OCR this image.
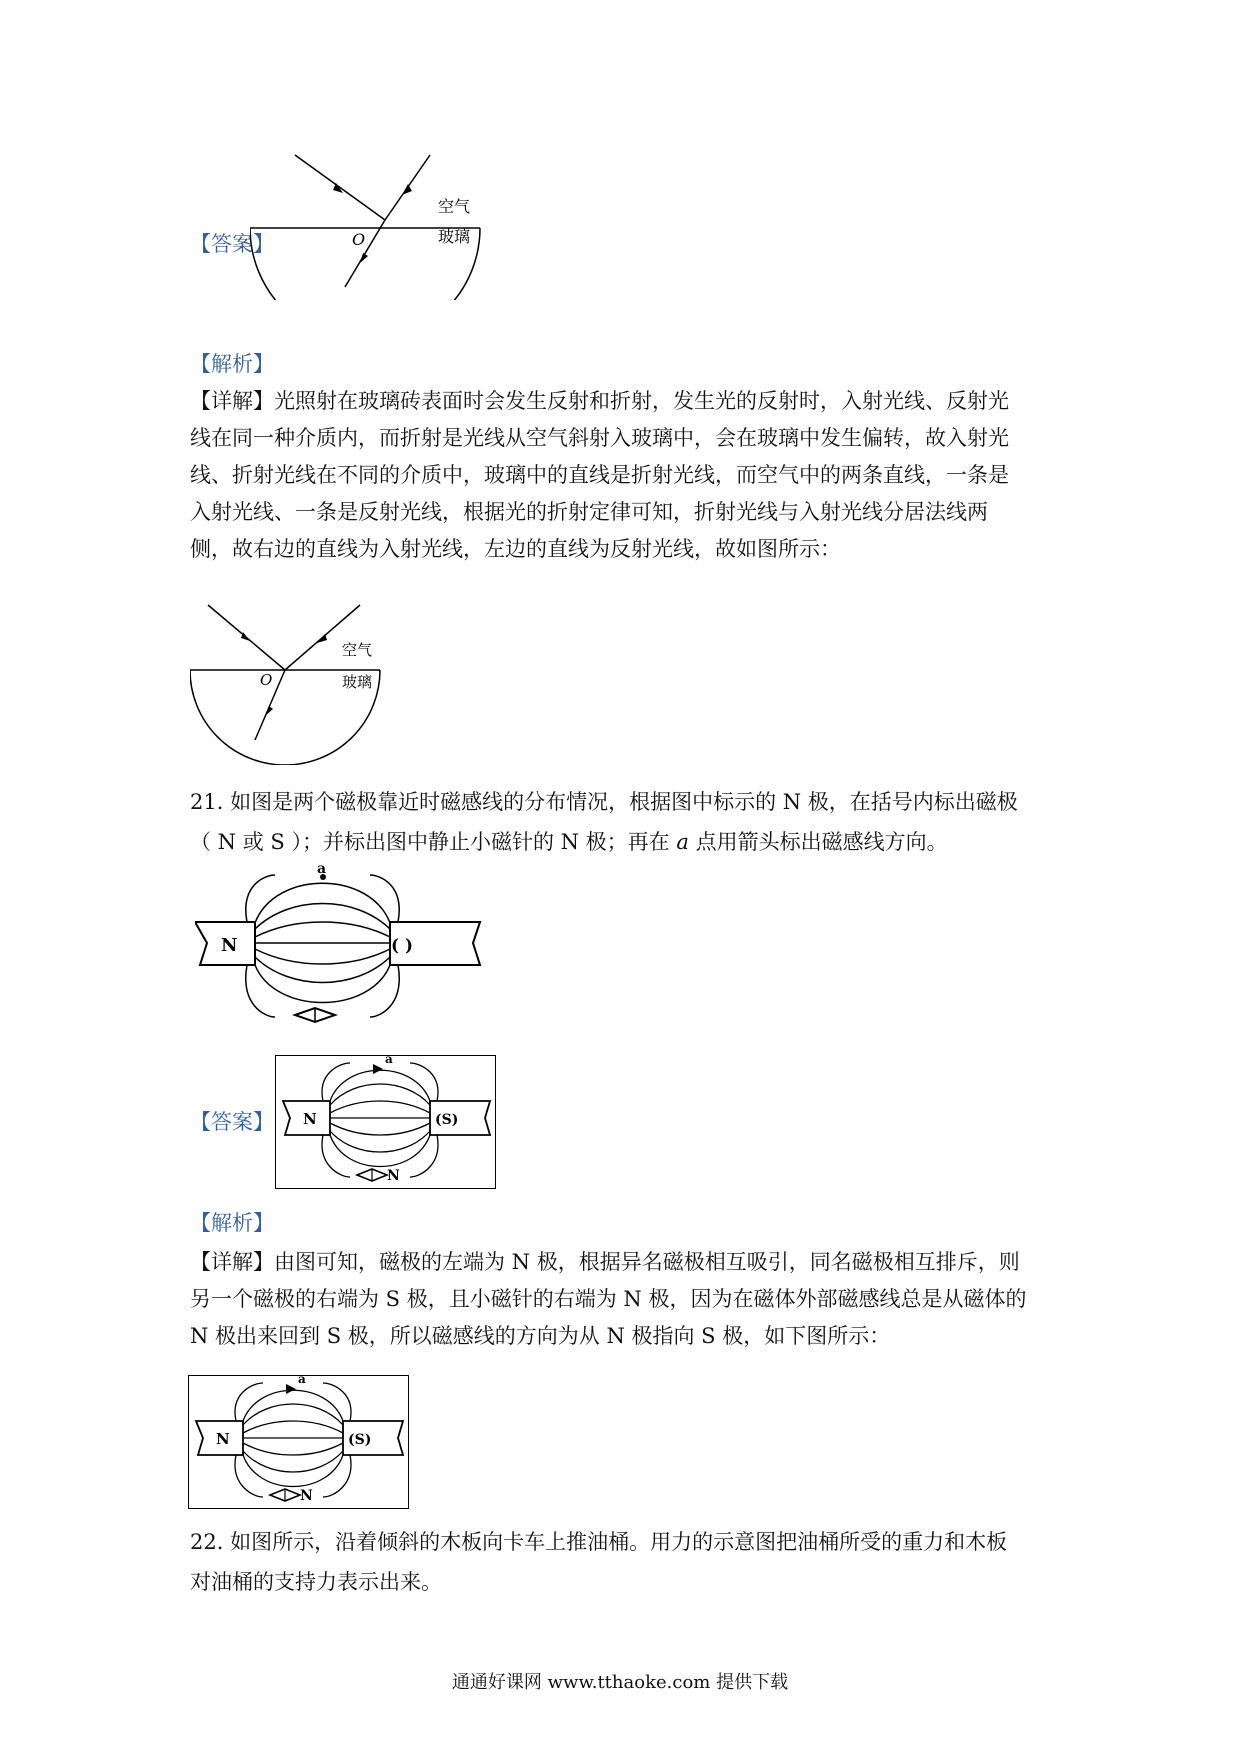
【答案】	O
空气
玻璃
【解析】

【详解】光照射在玻璃砖表面时会发生反射和折射，发生光的反射时，入射光线、反射光

线在同一种介质内，而折射是光线从空气斜射入玻璃中，会在玻璃中发生偏转，故入射光

线、折射光线在不同的介质中，玻璃中的直线是折射光线，而空气中的两条直线，一条是

入射光线、一条是反射光线，根据光的折射定律可知，折射光线与入射光线分居法线两

侧，故右边的直线为入射光线，左边的直线为反射光线，故如图所示：

O
空气
玻璃

21. 如图是两个磁极靠近时磁感线的分布情况，根据图中标示的 N 极，在括号内标出磁极

（ N 或 S ）；并标出图中静止小磁针的 N 极；再在 a 点用箭头标出磁感线方向。

a
N	( )
【答案】
a
N	(S)
N
【解析】

【详解】由图可知，磁极的左端为 N 极，根据异名磁极相互吸引，同名磁极相互排斥，则

另一个磁极的右端为 S 极，且小磁针的右端为 N 极，因为在磁体外部磁感线总是从磁体的

N 极出来回到 S 极，所以磁感线的方向为从 N 极指向 S 极，如下图所示：

a
N	(S)
N

22. 如图所示，沿着倾斜的木板向卡车上推油桶。用力的示意图把油桶所受的重力和木板

对油桶的支持力表示出来。

通通好课网 www.tthaoke.com 提供下载
